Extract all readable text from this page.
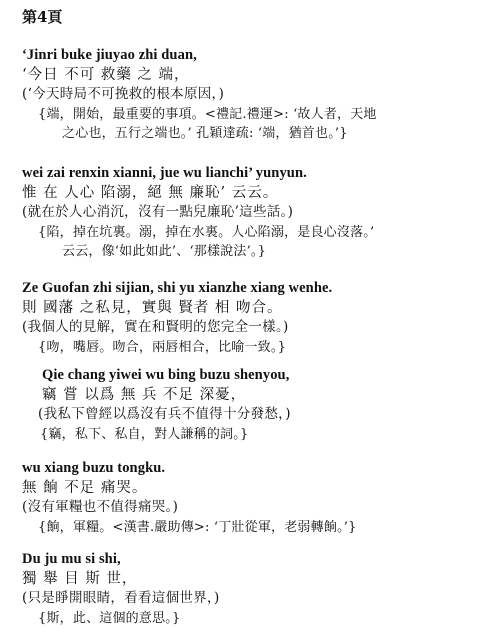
第4頁
‘Jinri buke jiuyao zhi duan,
‘今日 不可 救藥 之 端，
(‘今天時局不可挽救的根本原因，)
{端，開始，最重要的事項。<禮記.禮運>: ‘故人者，天地
之心也，五行之端也。’ 孔穎達疏: ‘端，猶首也。’}
wei zai renxin xianni, jue wu lianchi’ yunyun.
惟 在 人心 陷溺，絕 無 廉恥’ 云云。
(就在於人心消沉，沒有一點兒廉恥’這些話。)
{陷，掉在坑裏。溺，掉在水裏。人心陷溺，是良心沒落。’
云云，像‘如此如此’、‘那樣說法’。}
Ze Guofan zhi sijian, shi yu xianzhe xiang wenhe.
則 國藩 之私見，實與 賢者 相 吻合。
(我個人的見解，實在和賢明的您完全一樣。)
{吻，嘴唇。吻合，兩唇相合，比喻一致。}
Qie chang yiwei wu bing buzu shenyou,
竊 嘗 以爲 無 兵 不足 深憂，
(我私下曾經以爲沒有兵不值得十分發愁，)
{竊，私下、私自，對人謙稱的詞。}
wu xiang buzu tongku.
無 餉 不足 痛哭。
(沒有軍糧也不值得痛哭。)
{餉，軍糧。<漢書.嚴助傳>: ‘丁壯從軍，老弱轉餉。’}
Du ju mu si shi,
獨 舉 目 斯 世，
(只是睜開眼睛，看看這個世界，)
{斯，此、這個的意思。}
